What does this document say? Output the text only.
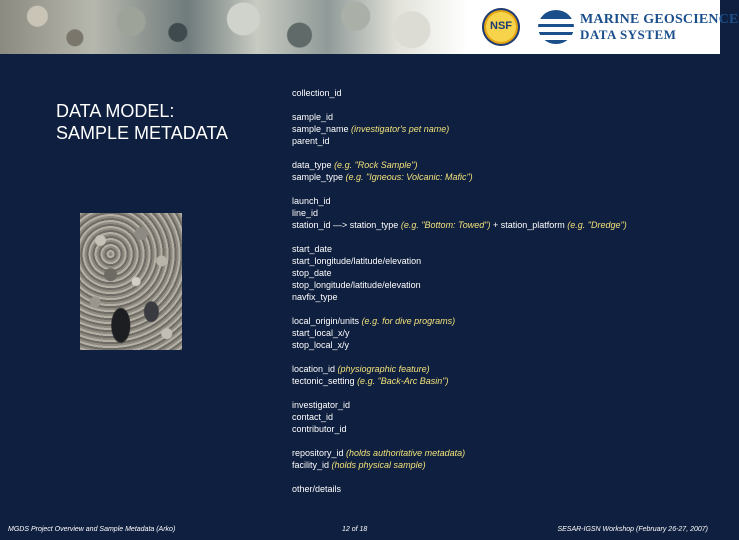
NSF	MARINE GEOSCIENCE
DATA SYSTEM
DATA MODEL:
SAMPLE METADATA
collection_id
sample_id
sample_name (investigator's pet name)
parent_id
data_type (e.g. "Rock Sample")
sample_type (e.g. "Igneous: Volcanic: Mafic")
launch_id
line_id
station_id —> station_type (e.g. "Bottom: Towed") + station_platform (e.g. "Dredge")
start_date
start_longitude/latitude/elevation
stop_date
stop_longitude/latitude/elevation
navfix_type
local_origin/units (e.g. for dive programs)
start_local_x/y
stop_local_x/y
location_id (physiographic feature)
tectonic_setting (e.g. "Back-Arc Basin")
investigator_id
contact_id
contributor_id
repository_id (holds authoritative metadata)
facility_id (holds physical sample)
other/details
MGDS Project Overview and Sample Metadata (Arko)	12 of 18	SESAR-IGSN Workshop (February 26-27, 2007)
